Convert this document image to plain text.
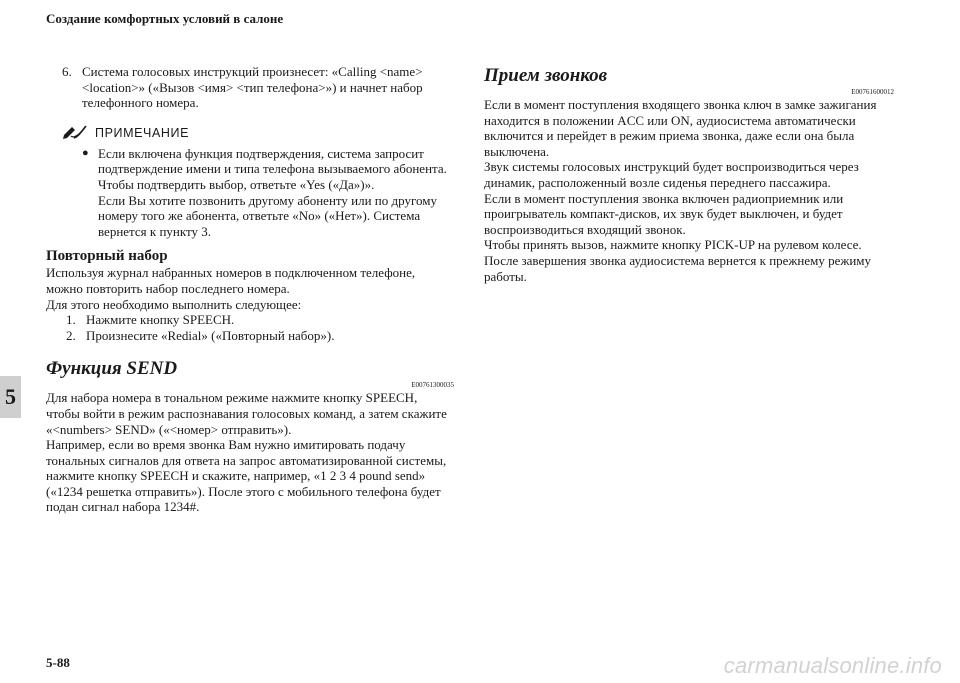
Создание комфортных условий в салоне
5
6. Система голосовых инструкций произнесет: «Calling <name> <location>» («Вызов <имя> <тип телефона>») и начнет набор телефонного номера.
ПРИМЕЧАНИЕ
● Если включена функция подтверждения, система запросит подтверждение имени и типа телефона вызываемого абонента. Чтобы подтвердить выбор, ответьте «Yes («Да»)».
Если Вы хотите позвонить другому абоненту или по другому номеру того же абонента, ответьте «No» («Нет»). Система вернется к пункту 3.
Повторный набор
Используя журнал набранных номеров в подключенном телефоне, можно повторить набор последнего номера.
Для этого необходимо выполнить следующее:
1. Нажмите кнопку SPEECH.
2. Произнесите «Redial» («Повторный набор»).
Функция SEND
E00761300035
Для набора номера в тональном режиме нажмите кнопку SPEECH, чтобы войти в режим распознавания голосовых команд, а затем скажите «<numbers> SEND» («<номер> отправить»).
Например, если во время звонка Вам нужно имитировать подачу тональных сигналов для ответа на запрос автоматизированной системы, нажмите кнопку SPEECH и скажите, например, «1 2 3 4 pound send» («1234 решетка отправить»). После этого с мобильного телефона будет подан сигнал набора 1234#.
Прием звонков
E00761600012
Если в момент поступления входящего звонка ключ в замке зажигания находится в положении ACC или ON, аудиосистема автоматически включится и перейдет в режим приема звонка, даже если она была выключена.
Звук системы голосовых инструкций будет воспроизводиться через динамик, расположенный возле сиденья переднего пассажира.
Если в момент поступления звонка включен радиоприемник или проигрыватель компакт-дисков, их звук будет выключен, и будет воспроизводиться входящий звонок.
Чтобы принять вызов, нажмите кнопку PICK-UP на рулевом колесе. После завершения звонка аудиосистема вернется к прежнему режиму работы.
5-88	carmanualsonline.info
